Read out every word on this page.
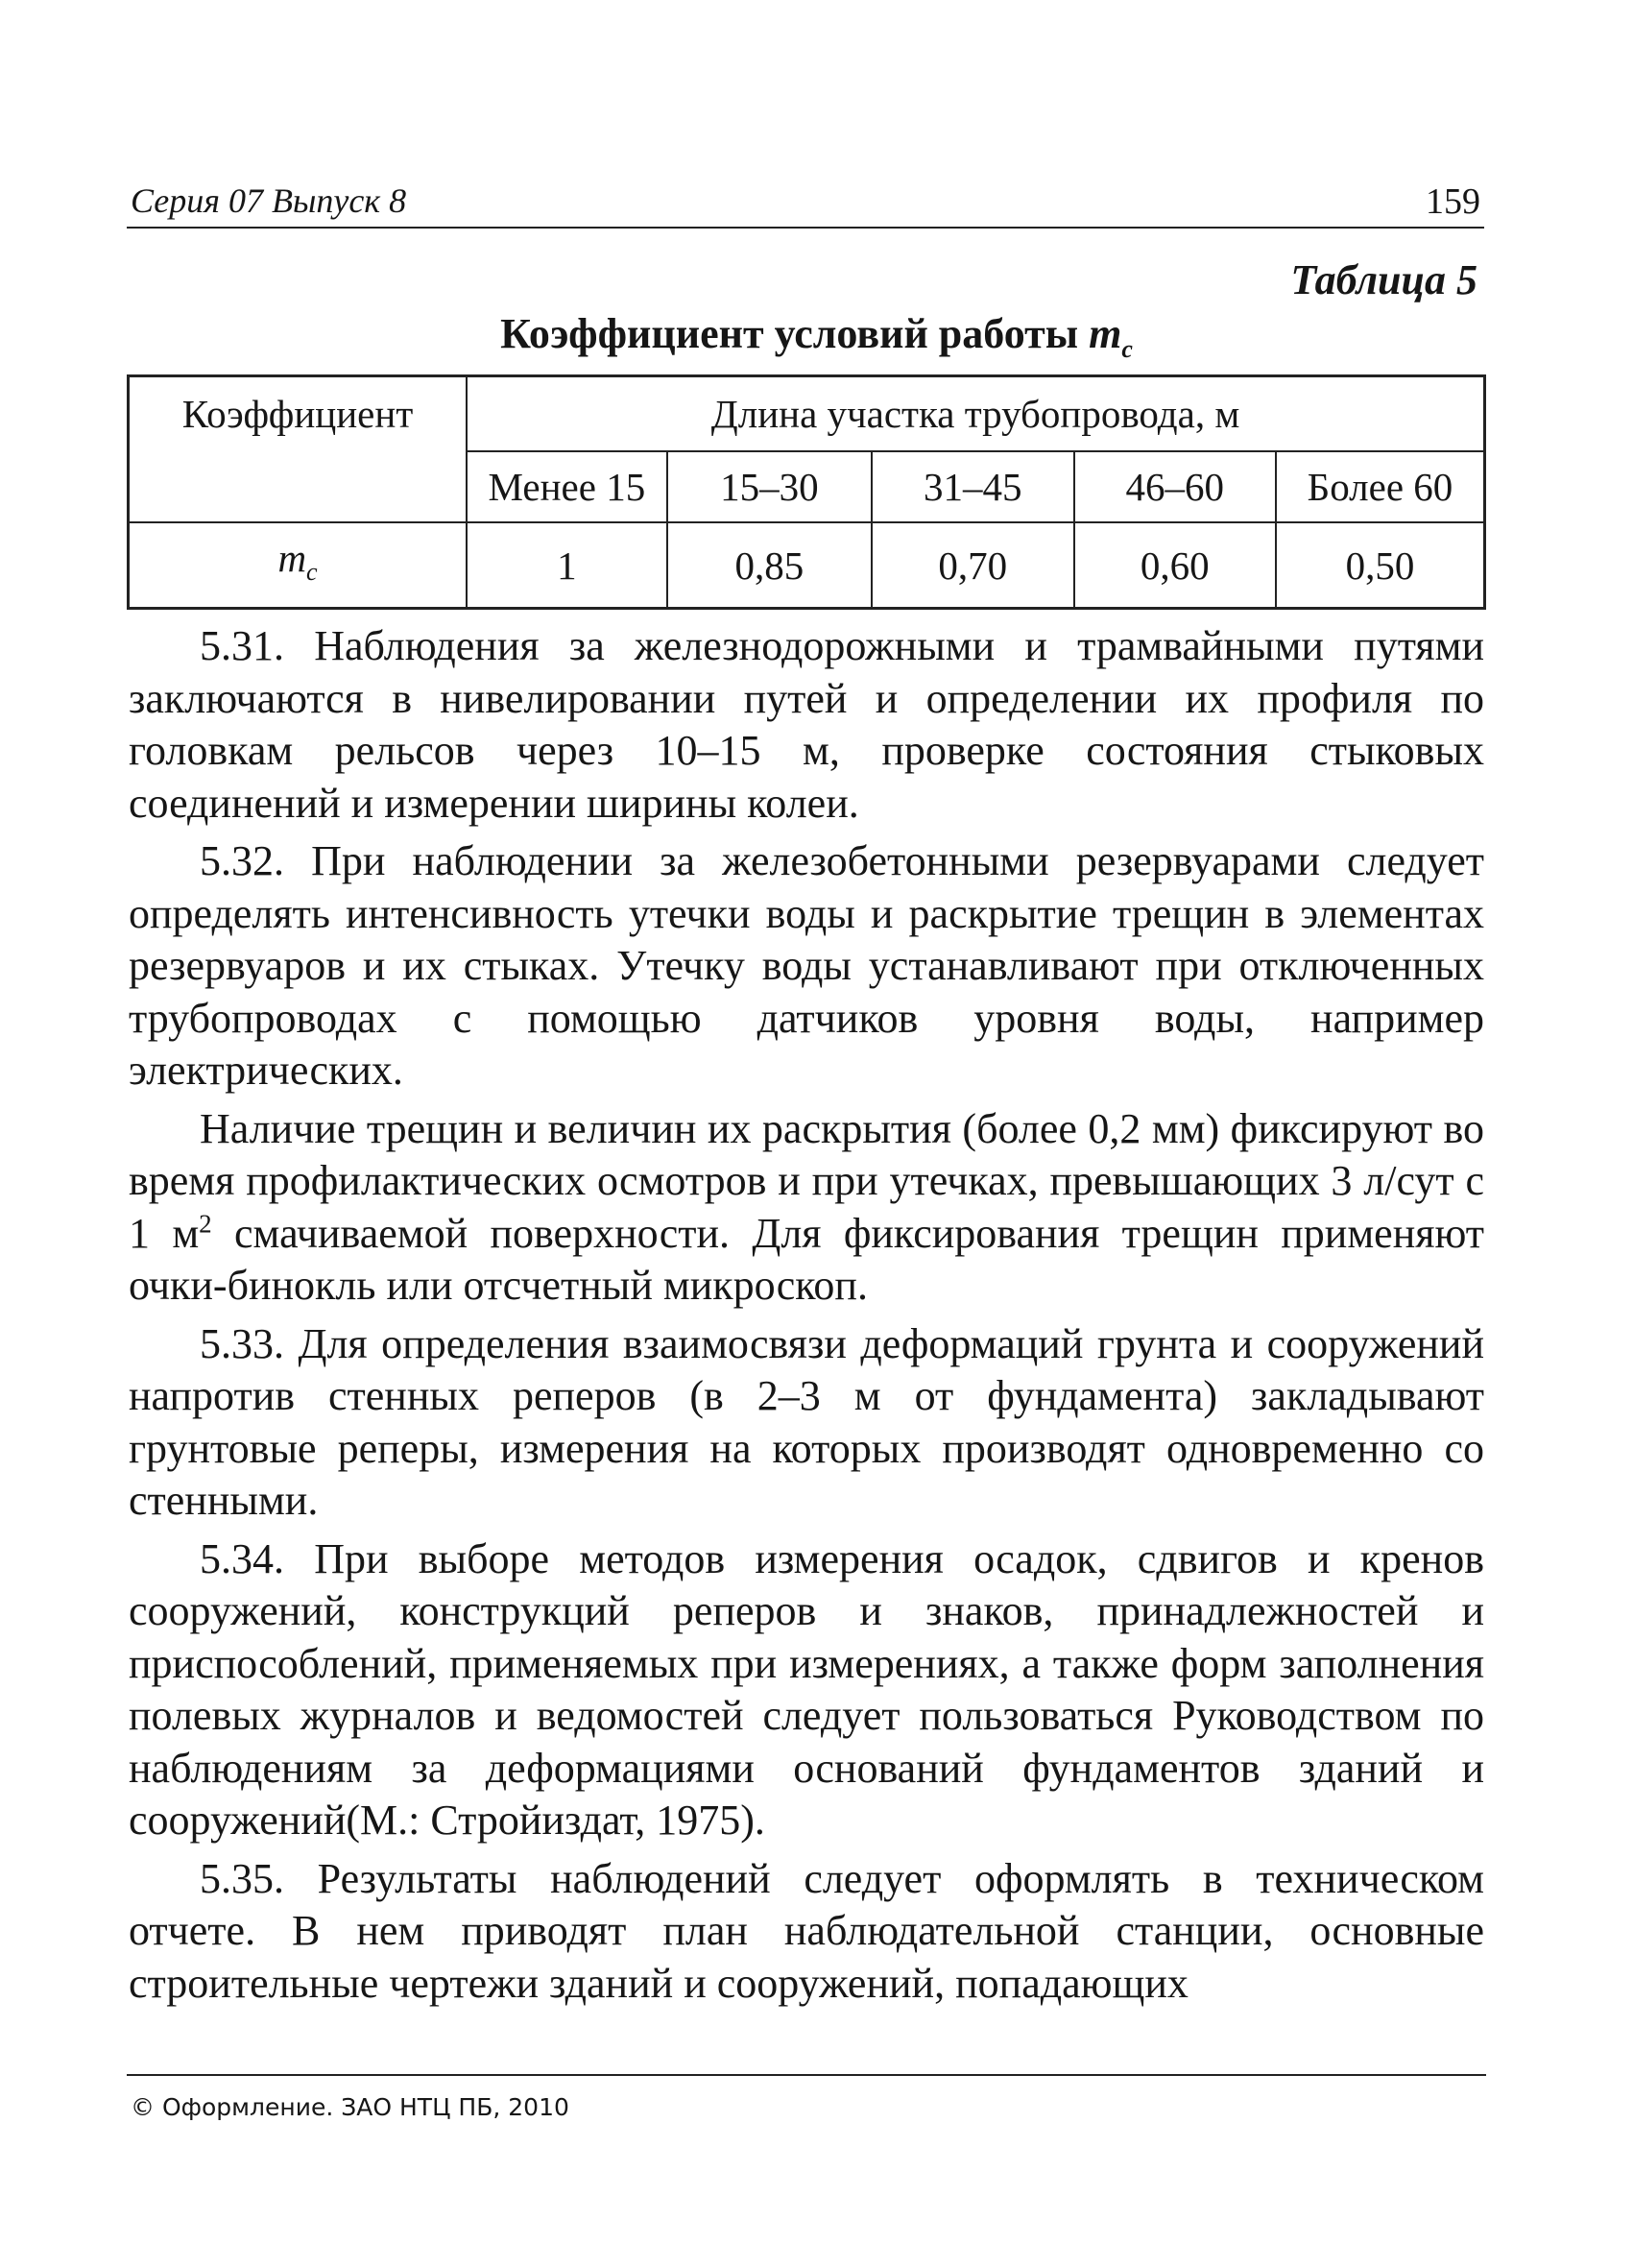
Серия 07 Выпуск 8	159
Таблица 5
Коэффициент условий работы $m_c$
Коэффициент	Длина участка трубопровода, м				
	Менее 15	15–30	31–45	46–60	Более 60
$m_c$	1	0,85	0,70	0,60	0,50

5.31. Наблюдения за железнодорожными и трамвайными путями заключаются в нивелировании путей и определении их профиля по головкам рельсов через 10–15 м, проверке состояния стыковых соединений и измерении ширины колеи.

5.32. При наблюдении за железобетонными резервуарами следует определять интенсивность утечки воды и раскрытие трещин в элементах резервуаров и их стыках. Утечку воды устанавливают при отключенных трубопроводах с помощью датчиков уровня воды, например электрических.

Наличие трещин и величин их раскрытия (более 0,2 мм) фиксируют во время профилактических осмотров и при утечках, превышающих 3 л/сут с 1 $м^2$ смачиваемой поверхности. Для фиксирования трещин применяют очки-бинокль или отсчетный микроскоп.

5.33. Для определения взаимосвязи деформаций грунта и сооружений напротив стенных реперов (в 2–3 м от фундамента) закладывают грунтовые реперы, измерения на которых производят одновременно со стенными.

5.34. При выборе методов измерения осадок, сдвигов и кренов сооружений, конструкций реперов и знаков, принадлежностей и приспособлений, применяемых при измерениях, а также форм заполнения полевых журналов и ведомостей следует пользоваться Руководством по наблюдениям за деформациями оснований фундаментов зданий и сооружений(М.: Стройиздат, 1975).

5.35. Результаты наблюдений следует оформлять в техническом отчете. В нем приводят план наблюдательной станции, основные строительные чертежи зданий и сооружений, попадающих

© Оформление. ЗАО НТЦ ПБ, 2010
